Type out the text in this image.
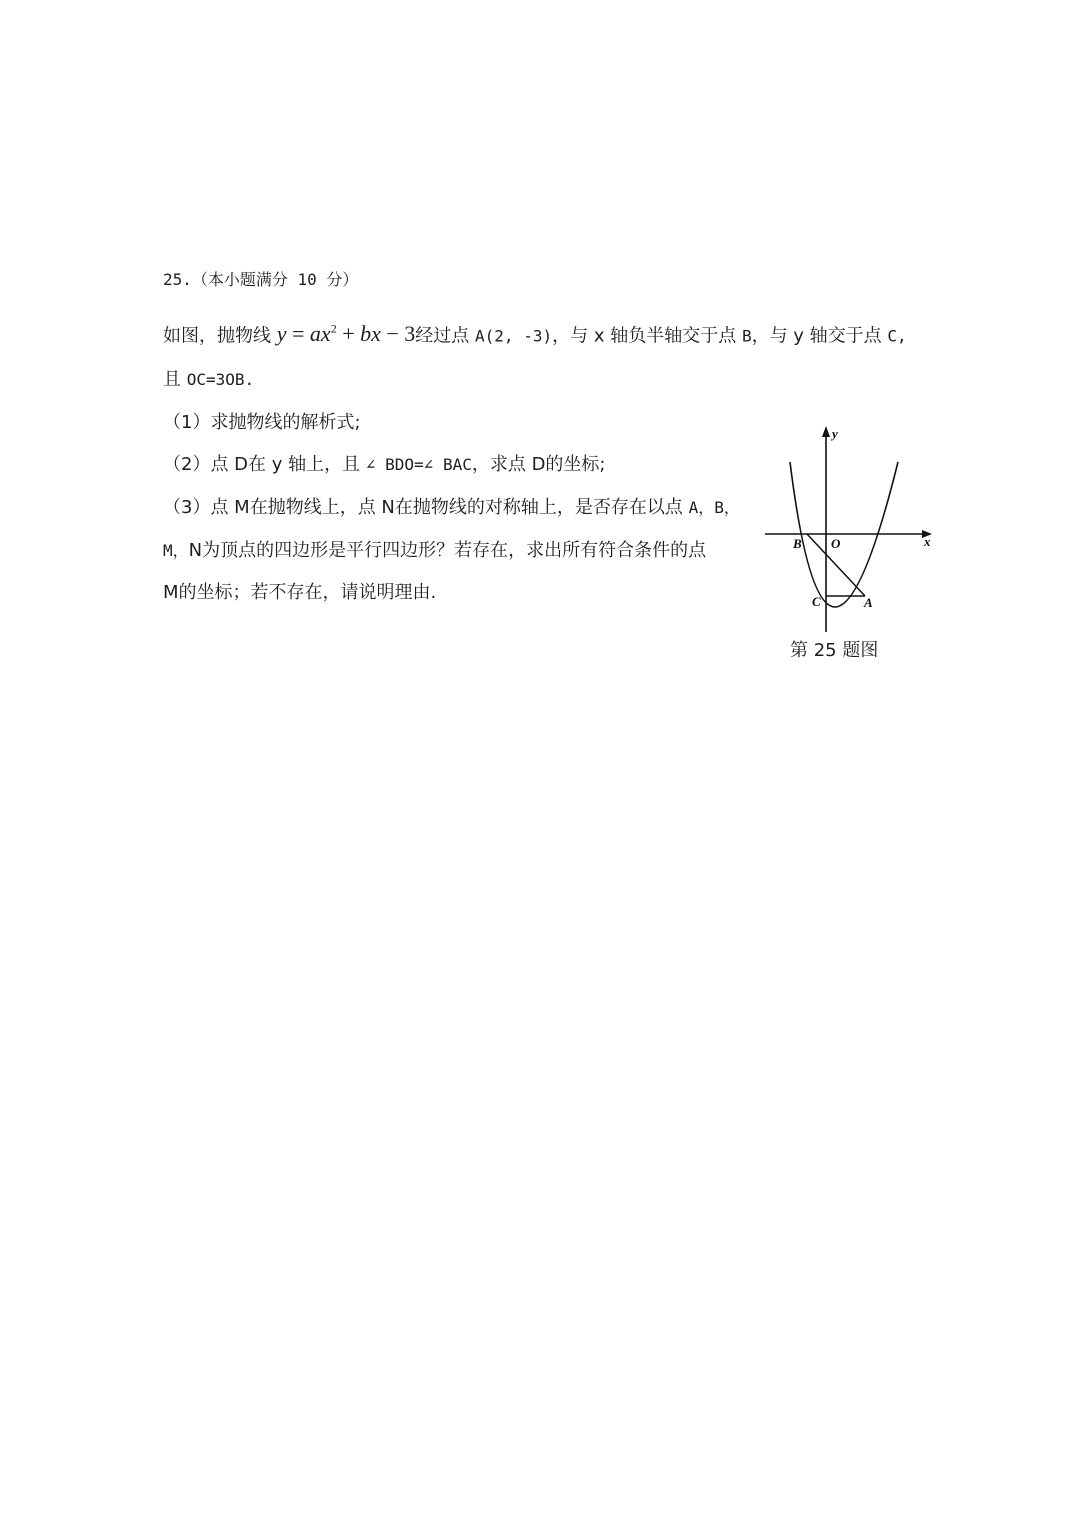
25.（本小题满分 10 分）
如图，抛物线 $y = ax^2$ + bx − 3经过点 A(2, -3)，与 x 轴负半轴交于点 B，与 y 轴交于点 C,
且 OC=3OB.
（1）求抛物线的解析式;
（2）点 D在 y 轴上，且 ∠ BDO=∠ BAC，求点 D的坐标;
（3）点 M在抛物线上，点 N在抛物线的对称轴上，是否存在以点 A，B，
M，N为顶点的四边形是平行四边形？若存在，求出所有符合条件的点
M的坐标；若不存在，请说明理由.
y
x
B O
C	A
第 25 题图
